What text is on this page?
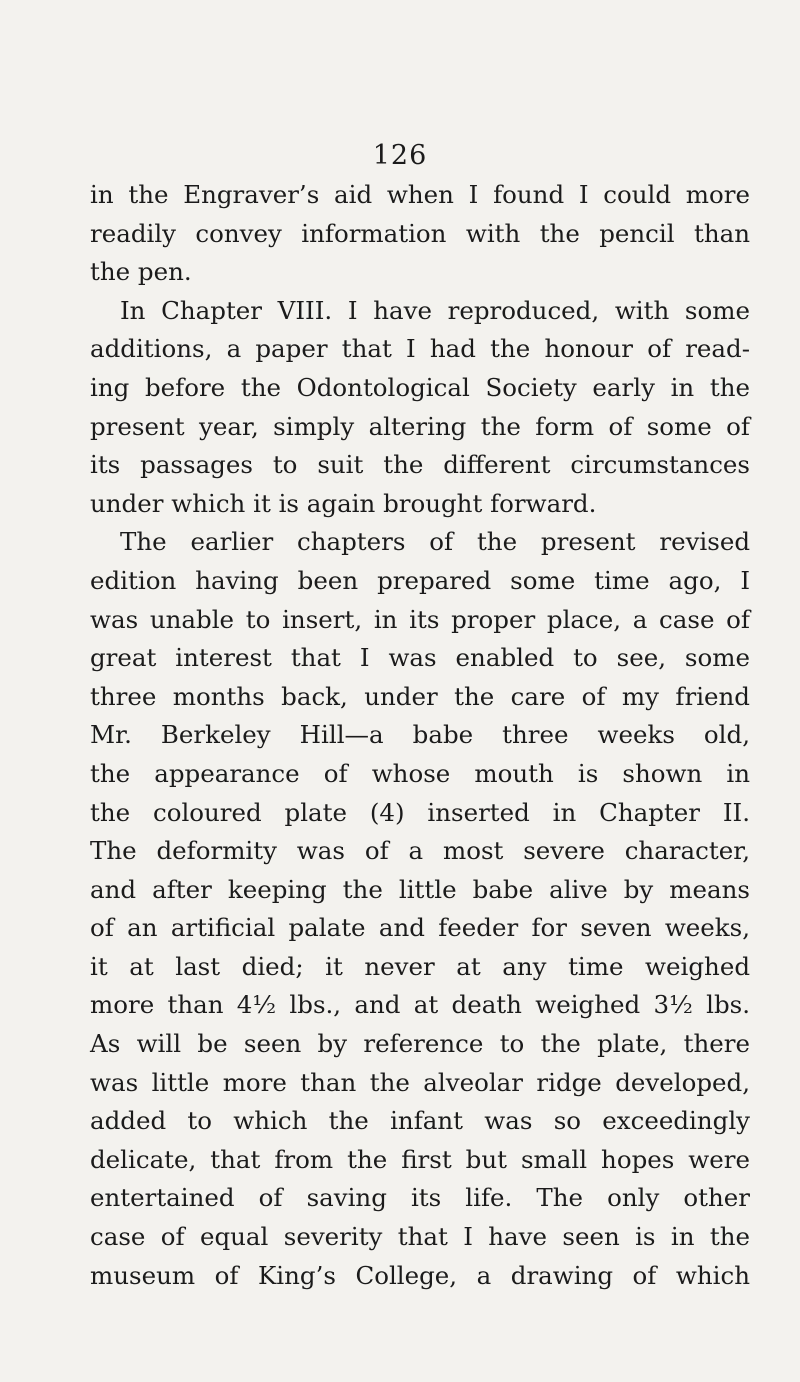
126
in the Engraver’s aid when I found I could more
readily convey information with the pencil than
the pen.
In Chapter VIII. I have reproduced, with some
additions, a paper that I had the honour of read-
ing before the Odontological Society early in the
present year, simply altering the form of some of
its passages to suit the different circumstances
under which it is again brought forward.
The earlier chapters of the present revised
edition having been prepared some time ago, I
was unable to insert, in its proper place, a case of
great interest that I was enabled to see, some
three months back, under the care of my friend
Mr. Berkeley Hill—a babe three weeks old,
the appearance of whose mouth is shown in
the coloured plate (4) inserted in Chapter II.
The deformity was of a most severe character,
and after keeping the little babe alive by means
of an artificial palate and feeder for seven weeks,
it at last died; it never at any time weighed
more than 4½ lbs., and at death weighed 3½ lbs.
As will be seen by reference to the plate, there
was little more than the alveolar ridge developed,
added to which the infant was so exceedingly
delicate, that from the first but small hopes were
entertained of saving its life. The only other
case of equal severity that I have seen is in the
museum of King’s College, a drawing of which
